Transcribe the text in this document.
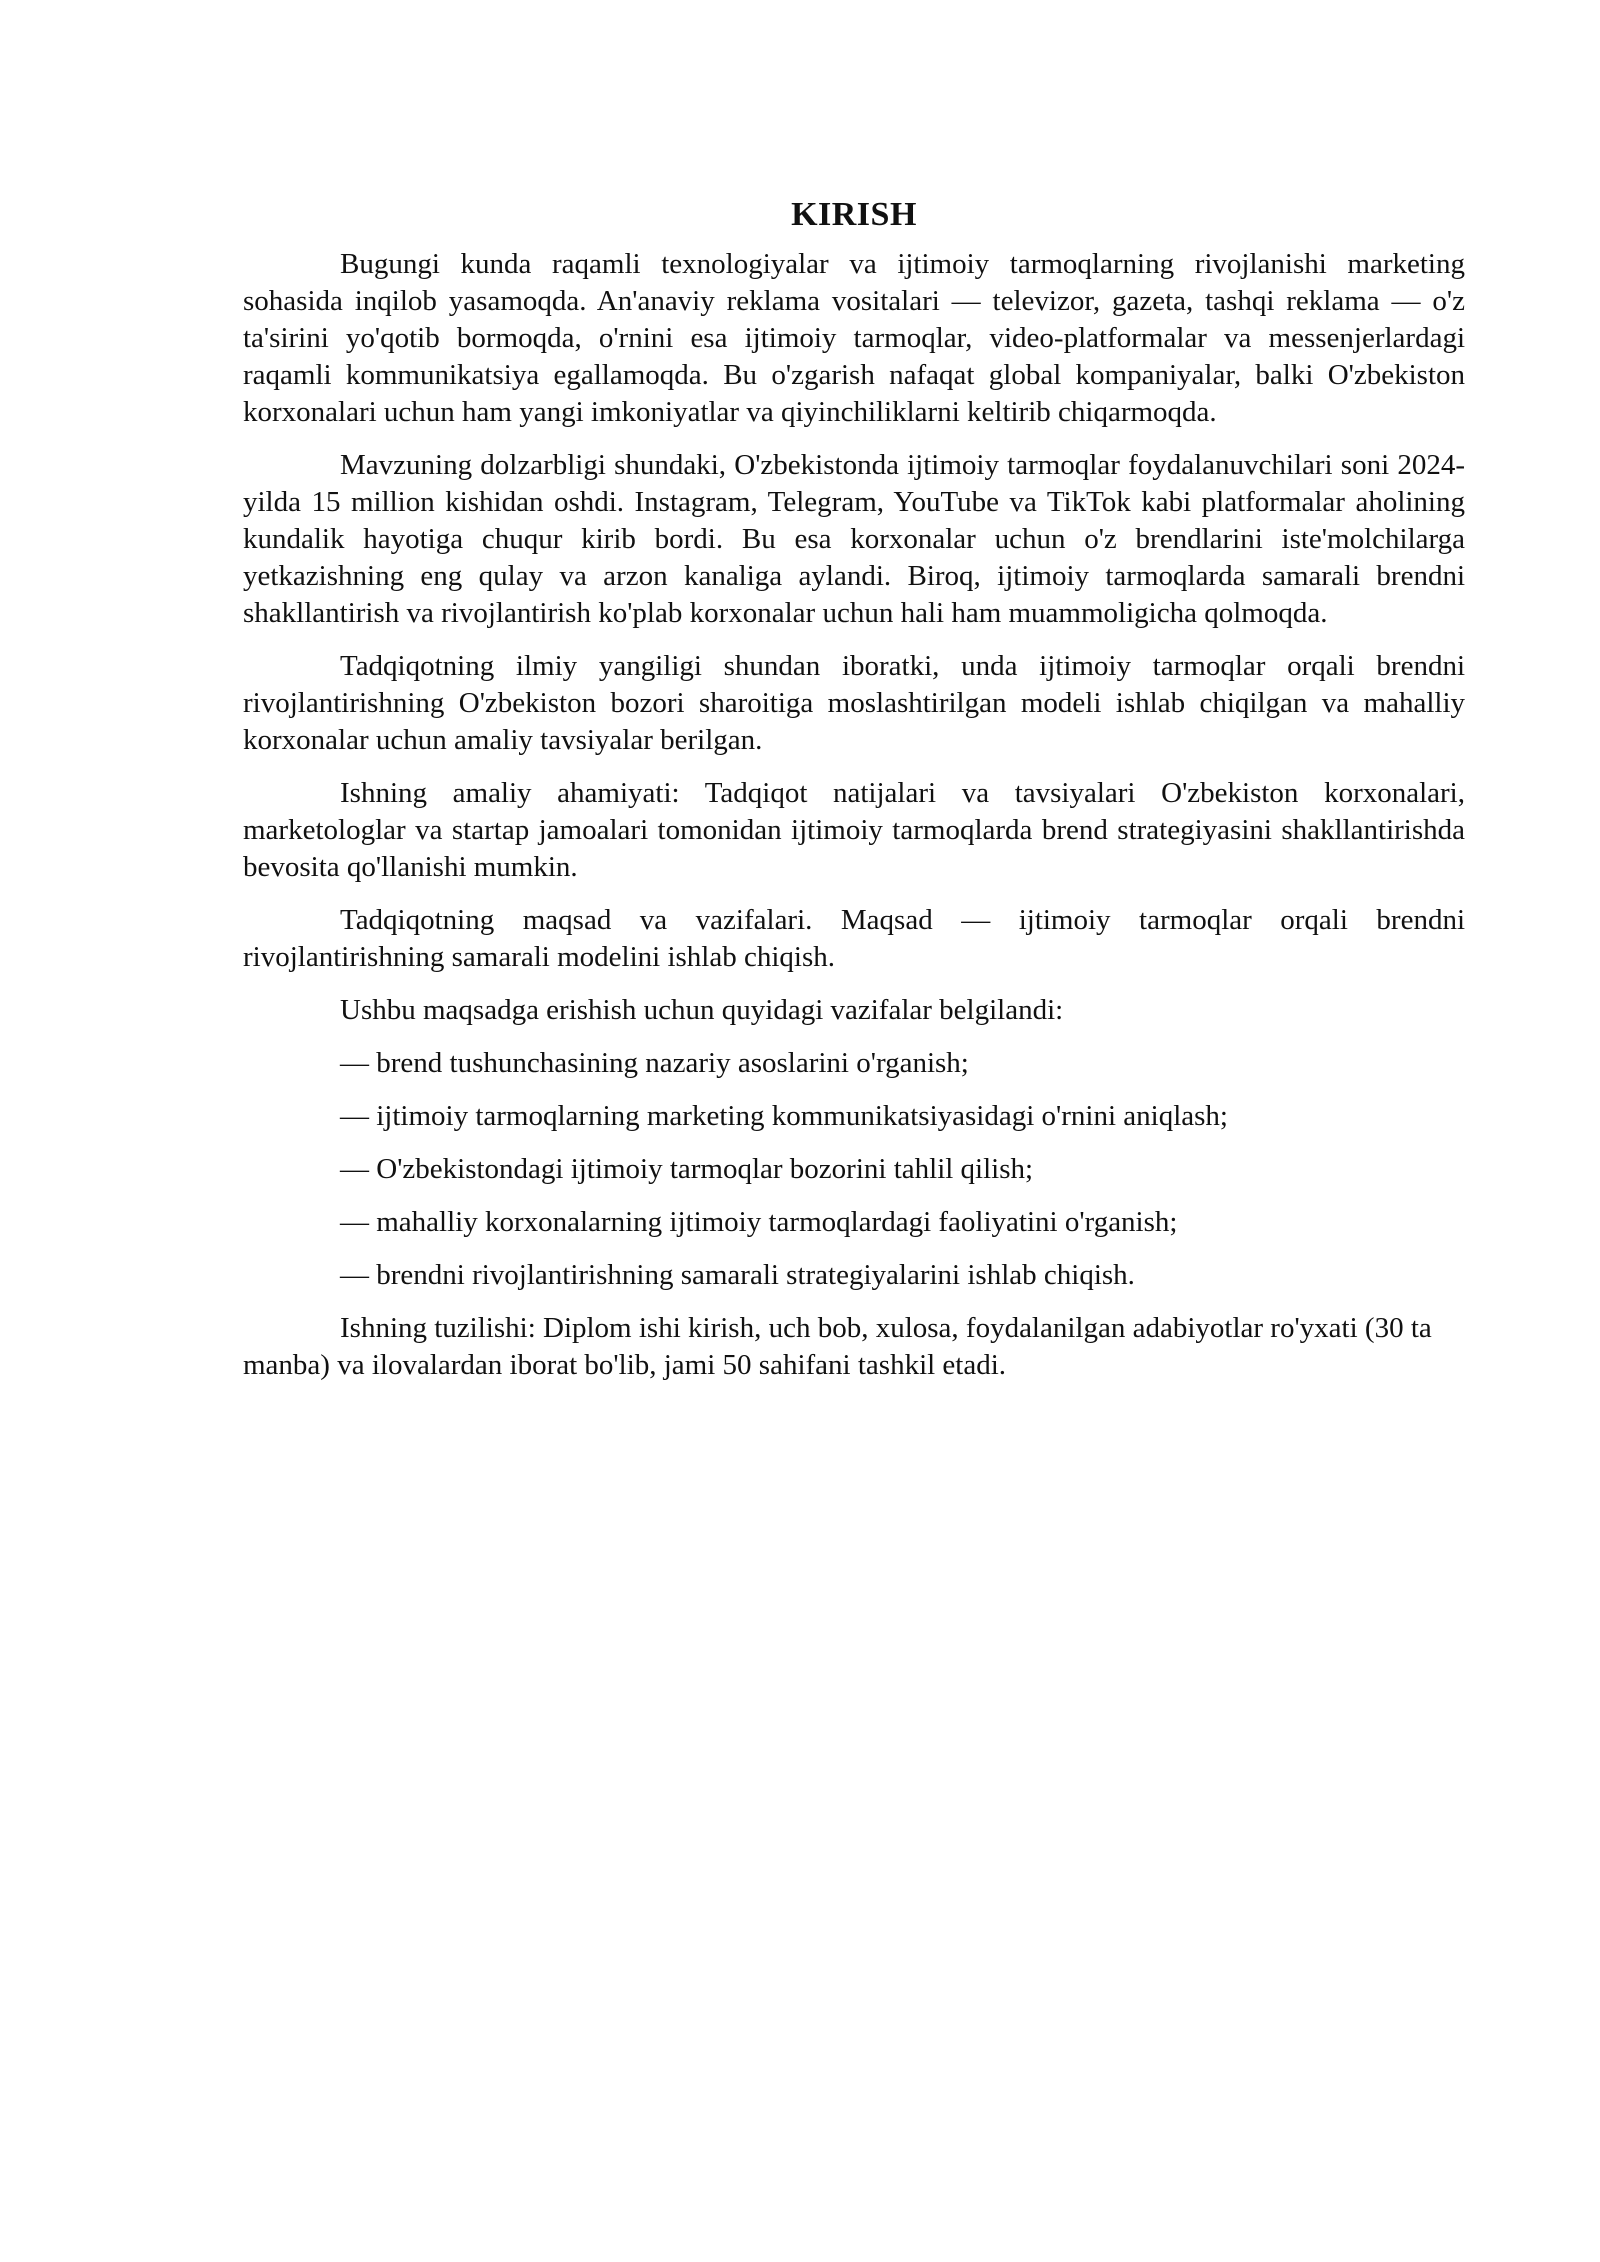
KIRISH

Bugungi kunda raqamli texnologiyalar va ijtimoiy tarmoqlarning rivojlanishi marketing sohasida inqilob yasamoqda. An'anaviy reklama vositalari — televizor, gazeta, tashqi reklama — o'z ta'sirini yo'qotib bormoqda, o'rnini esa ijtimoiy tarmoqlar, video-platformalar va messenjerlardagi raqamli kommunikatsiya egallamoqda. Bu o'zgarish nafaqat global kompaniyalar, balki O'zbekiston korxonalari uchun ham yangi imkoniyatlar va qiyinchiliklarni keltirib chiqarmoqda.

Mavzuning dolzarbligi shundaki, O'zbekistonda ijtimoiy tarmoqlar foydalanuvchilari soni 2024-yilda 15 million kishidan oshdi. Instagram, Telegram, YouTube va TikTok kabi platformalar aholining kundalik hayotiga chuqur kirib bordi. Bu esa korxonalar uchun o'z brendlarini iste'molchilarga yetkazishning eng qulay va arzon kanaliga aylandi. Biroq, ijtimoiy tarmoqlarda samarali brendni shakllantirish va rivojlantirish ko'plab korxonalar uchun hali ham muammoligicha qolmoqda.

Tadqiqotning ilmiy yangiligi shundan iboratki, unda ijtimoiy tarmoqlar orqali brendni rivojlantirishning O'zbekiston bozori sharoitiga moslashtirilgan modeli ishlab chiqilgan va mahalliy korxonalar uchun amaliy tavsiyalar berilgan.

Ishning amaliy ahamiyati: Tadqiqot natijalari va tavsiyalari O'zbekiston korxonalari, marketologlar va startap jamoalari tomonidan ijtimoiy tarmoqlarda brend strategiyasini shakllantirishda bevosita qo'llanishi mumkin.

Tadqiqotning maqsad va vazifalari. Maqsad — ijtimoiy tarmoqlar orqali brendni rivojlantirishning samarali modelini ishlab chiqish.

Ushbu maqsadga erishish uchun quyidagi vazifalar belgilandi:

— brend tushunchasining nazariy asoslarini o'rganish;

— ijtimoiy tarmoqlarning marketing kommunikatsiyasidagi o'rnini aniqlash;

— O'zbekistondagi ijtimoiy tarmoqlar bozorini tahlil qilish;

— mahalliy korxonalarning ijtimoiy tarmoqlardagi faoliyatini o'rganish;

— brendni rivojlantirishning samarali strategiyalarini ishlab chiqish.

Ishning tuzilishi: Diplom ishi kirish, uch bob, xulosa, foydalanilgan adabiyotlar ro'yxati (30 ta manba) va ilovalardan iborat bo'lib, jami 50 sahifani tashkil etadi.
